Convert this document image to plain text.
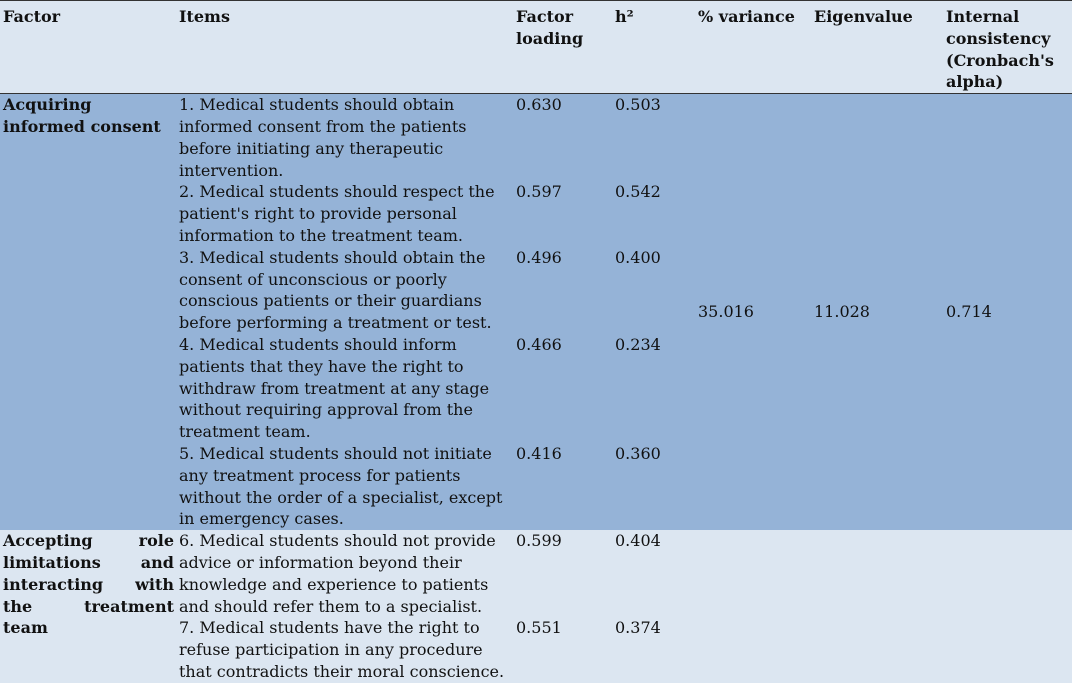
Factor	Items	Factor loading	h²	% variance	Eigenvalue	Internal consistency (Cronbach's alpha)
Acquiring informed consent	1. Medical students should obtain informed consent from the patients before initiating any therapeutic intervention.	0.630	0.503	35.016	11.028	0.714
	2. Medical students should respect the patient's right to provide personal information to the treatment team.	0.597	0.542			
	3. Medical students should obtain the consent of unconscious or poorly conscious patients or their guardians before performing a treatment or test.	0.496	0.400			
	4. Medical students should inform patients that they have the right to withdraw from treatment at any stage without requiring approval from the treatment team.	0.466	0.234			
	5. Medical students should not initiate any treatment process for patients without the order of a specialist, except in emergency cases.	0.416	0.360			
Accepting role limitations and interacting with the treatment team	6. Medical students should not provide advice or information beyond their knowledge and experience to patients and should refer them to a specialist.	0.599	0.404			
	7. Medical students have the right to refuse participation in any procedure that contradicts their moral conscience.	0.551	0.374			
